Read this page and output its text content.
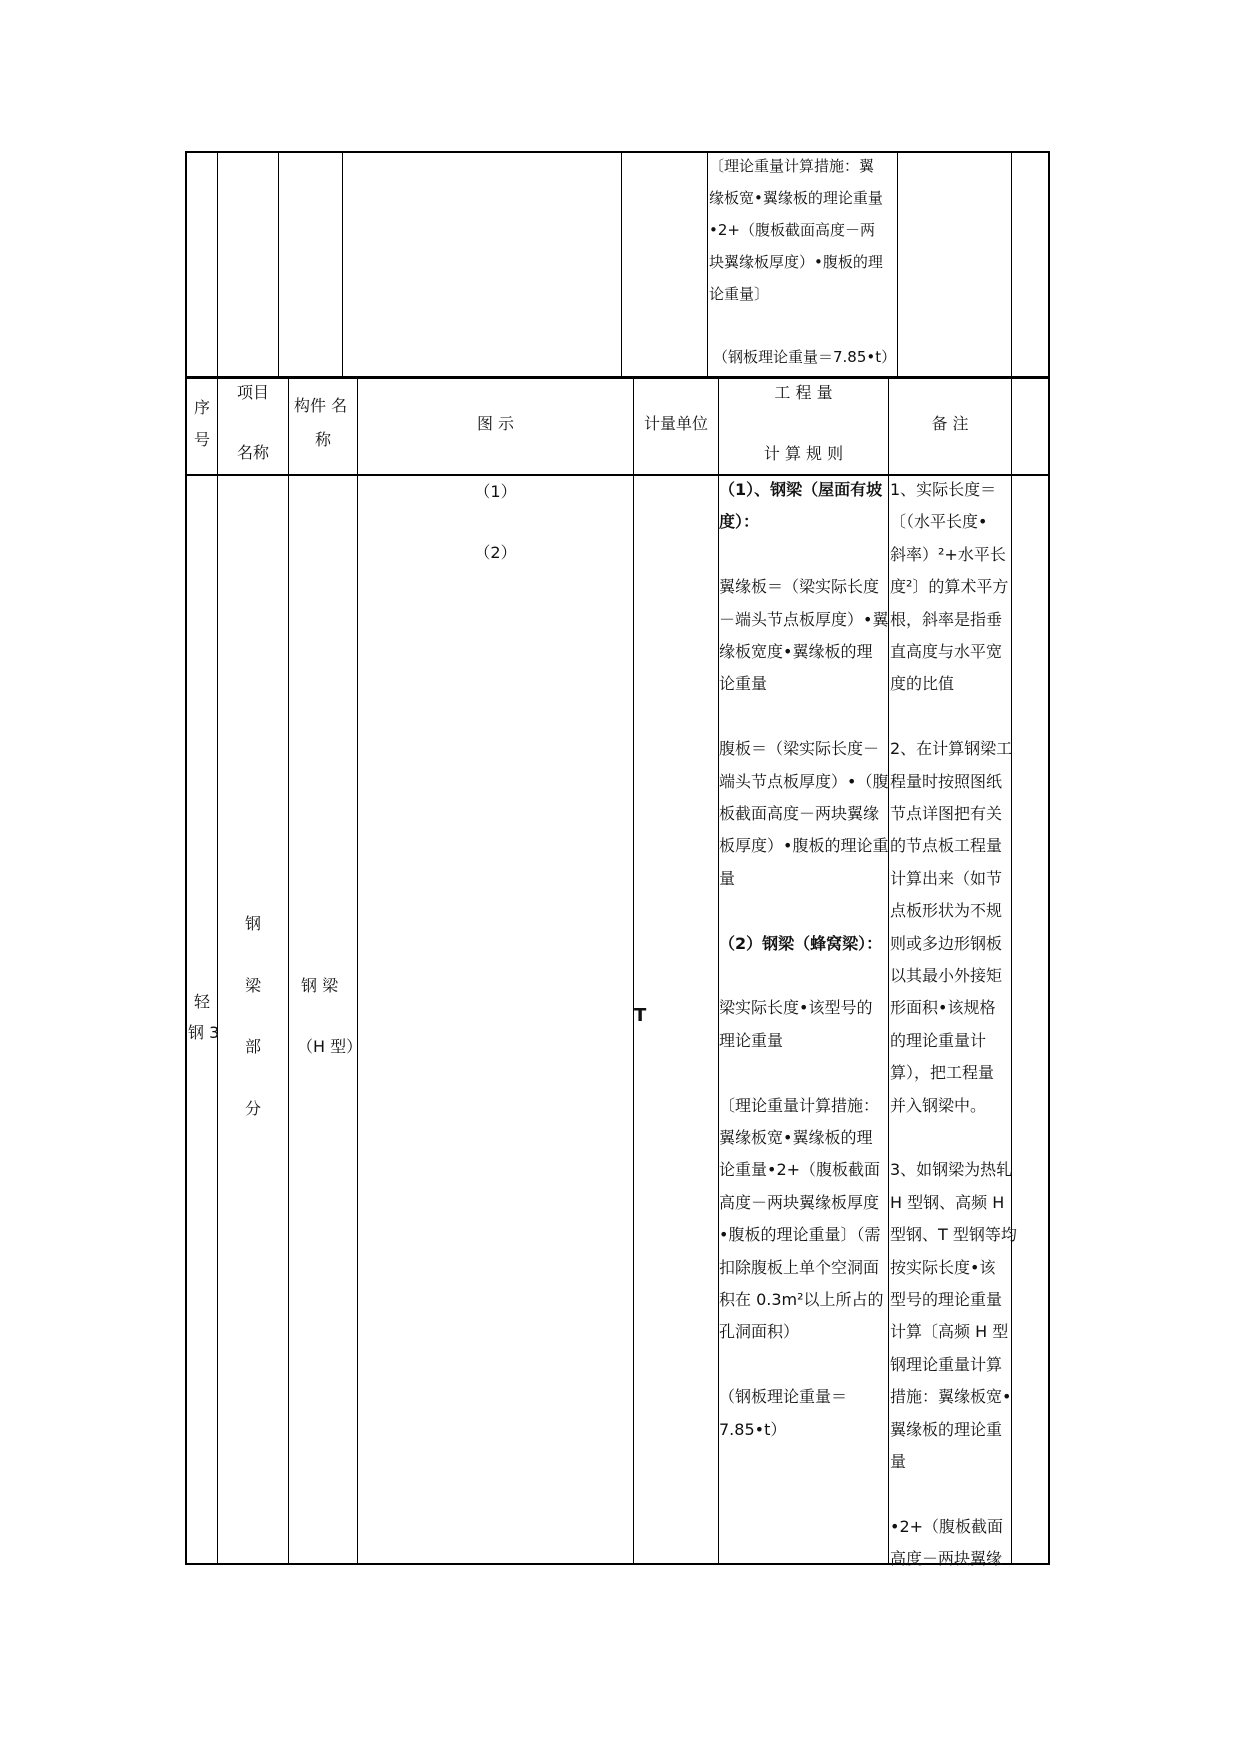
〔理论重量计算措施：翼
缘板宽•翼缘板的理论重量
•2+（腹板截面高度－两
块翼缘板厚度）•腹板的理
论重量〕
（钢板理论重量＝7.85•t）
序
号
项目
名称
构件 名
称
图 示	计量单位
工 程 量
计 算 规 则
备 注
轻
钢 3
钢
梁
部
分
钢 梁
（H 型）
（1）
（2）
T
（1）、钢梁（屋面有坡
度）：
翼缘板＝（梁实际长度
－端头节点板厚度）•翼
缘板宽度•翼缘板的理
论重量
腹板＝（梁实际长度－
端头节点板厚度）•（腹
板截面高度－两块翼缘
板厚度）•腹板的理论重
量
（2）钢梁（蜂窝梁）：
梁实际长度•该型号的
理论重量
〔理论重量计算措施：
翼缘板宽•翼缘板的理
论重量•2+（腹板截面
高度－两块翼缘板厚度
•腹板的理论重量〕（需
扣除腹板上单个空洞面
积在 0.3m²以上所占的
孔洞面积）
（钢板理论重量＝
7.85•t）
1、实际长度＝
〔（水平长度•
斜率）²+水平长
度²〕的算术平方
根，斜率是指垂
直高度与水平宽
度的比值
2、在计算钢梁工
程量时按照图纸
节点详图把有关
的节点板工程量
计算出来（如节
点板形状为不规
则或多边形钢板
以其最小外接矩
形面积•该规格
的理论重量计
算），把工程量
并入钢梁中。
3、如钢梁为热轧
H 型钢、高频 H
型钢、T 型钢等均
按实际长度•该
型号的理论重量
计算〔高频 H 型
钢理论重量计算
措施：翼缘板宽•
翼缘板的理论重
量
•2+（腹板截面
高度－两块翼缘
